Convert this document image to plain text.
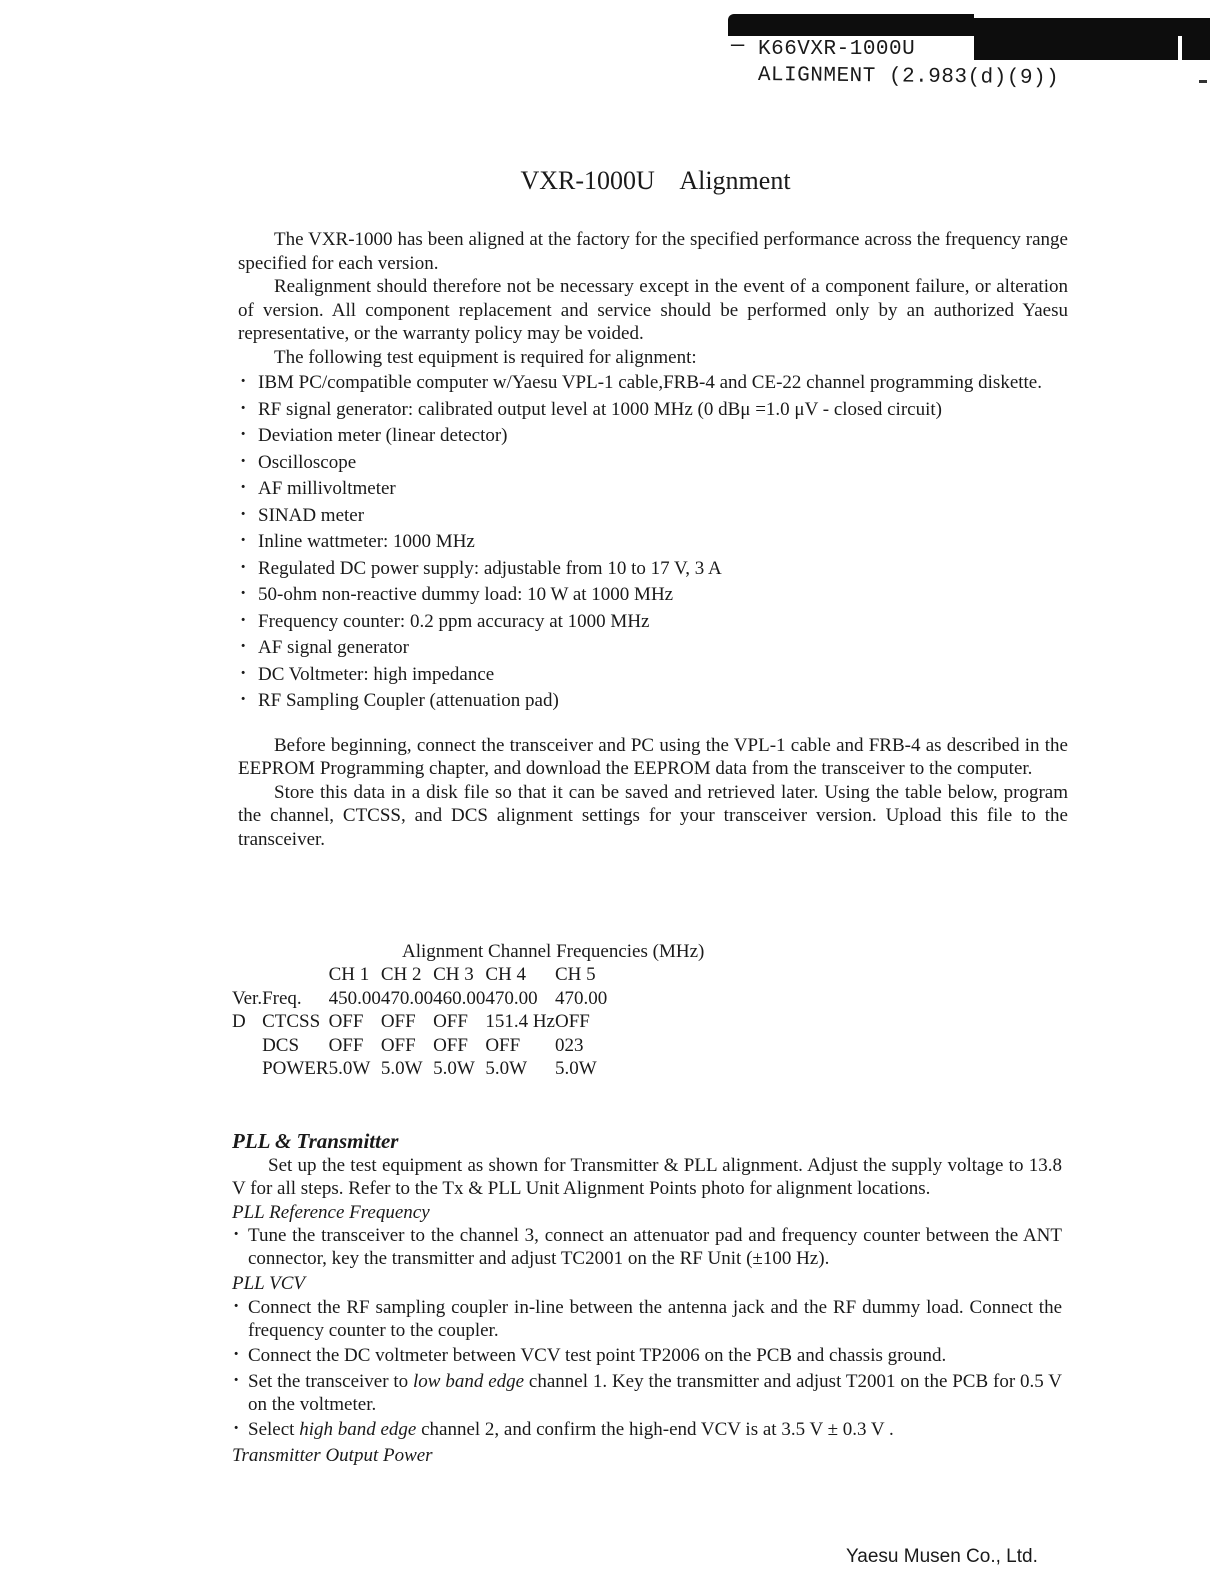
— K66VXR-1000U
ALIGNMENT (2.983(d)(9))
VXR-1000U    Alignment

The VXR-1000 has been aligned at the factory for the specified performance across the frequency range specified for each version.

Realignment should therefore not be necessary except in the event of a component failure, or alteration of version. All component replacement and service should be performed only by an authorized Yaesu representative, or the warranty policy may be voided.

The following test equipment is required for alignment:

· IBM PC/compatible computer w/Yaesu VPL-1 cable,FRB-4 and CE-22 channel programming diskette.
· RF signal generator: calibrated output level at 1000 MHz (0 dBμ =1.0 μV - closed circuit)
· Deviation meter (linear detector)
· Oscilloscope
· AF millivoltmeter
· SINAD meter
· Inline wattmeter: 1000 MHz
· Regulated DC power supply: adjustable from 10 to 17 V, 3 A
· 50-ohm non-reactive dummy load: 10 W at 1000 MHz
· Frequency counter: 0.2 ppm accuracy at 1000 MHz
· AF signal generator
· DC Voltmeter: high impedance
· RF Sampling Coupler (attenuation pad)

Before beginning, connect the transceiver and PC using the VPL-1 cable and FRB-4 as described in the EEPROM Programming chapter, and download the EEPROM data from the transceiver to the computer.

Store this data in a disk file so that it can be saved and retrieved later. Using the table below, program the channel, CTCSS, and DCS alignment settings for your transceiver version. Upload this file to the transceiver.

Alignment Channel Frequencies (MHz)
		CH 1	CH 2	CH 3	CH 4	CH 5
Ver.	Freq.	450.00	470.00	460.00	470.00	470.00
D	CTCSS	OFF	OFF	OFF	151.4 Hz	OFF
	DCS	OFF	OFF	OFF	OFF	023
	POWER	5.0W	5.0W	5.0W	5.0W	5.0W
PLL & Transmitter

Set up the test equipment as shown for Transmitter & PLL alignment. Adjust the supply voltage to 13.8 V for all steps. Refer to the Tx & PLL Unit Alignment Points photo for alignment locations.

PLL Reference Frequency

· Tune the transceiver to the channel 3, connect an attenuator pad and frequency counter between the ANT connector, key the transmitter and adjust TC2001 on the RF Unit (±100 Hz).

PLL VCV

· Connect the RF sampling coupler in-line between the antenna jack and the RF dummy load. Connect the frequency counter to the coupler.
· Connect the DC voltmeter between VCV test point TP2006 on the PCB and chassis ground.
· Set the transceiver to low band edge channel 1. Key the transmitter and adjust T2001 on the PCB for 0.5 V on the voltmeter.
· Select high band edge channel 2, and confirm the high-end VCV is at 3.5 V ± 0.3 V .

Transmitter Output Power

Yaesu Musen Co., Ltd.
